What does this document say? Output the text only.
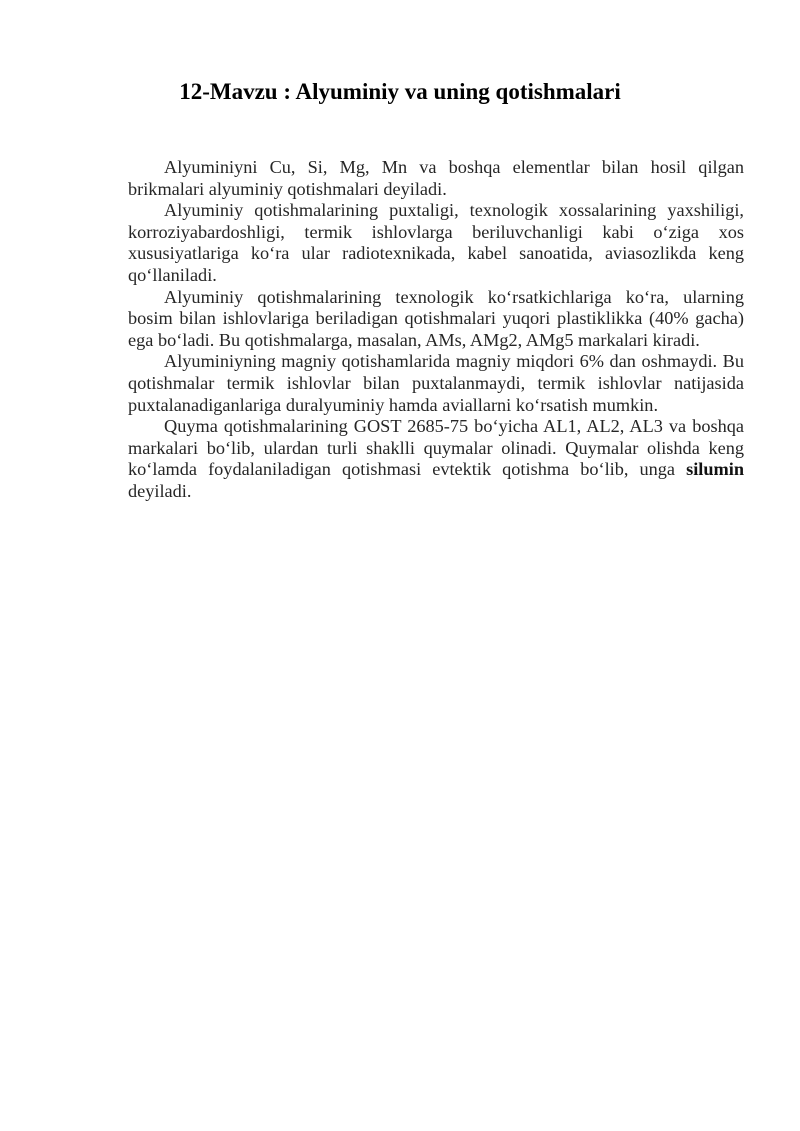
12-Mavzu : Alyuminiy va uning qotishmalari

Alyuminiyni Cu, Si, Mg, Mn va boshqa elementlar bilan hosil qilgan brikmalari alyuminiy qotishmalari deyiladi.

Alyuminiy qotishmalarining puxtaligi, texnologik xossalarining yaxshiligi, korroziyabardoshligi, termik ishlovlarga beriluvchanligi kabi o‘ziga xos xususiyatlariga ko‘ra ular radiotexnikada, kabel sanoatida, aviasozlikda keng qo‘llaniladi.

Alyuminiy qotishmalarining texnologik ko‘rsatkichlariga ko‘ra, ularning bosim bilan ishlovlariga beriladigan qotishmalari yuqori plastiklikka (40% gacha) ega bo‘ladi. Bu qotishmalarga, masalan, AMs, AMg2, AMg5 markalari kiradi.

Alyuminiyning magniy qotishamlarida magniy miqdori 6% dan oshmaydi. Bu qotishmalar termik ishlovlar bilan puxtalanmaydi, termik ishlovlar natijasida puxtalanadiganlariga duralyuminiy hamda aviallarni ko‘rsatish mumkin.

Quyma qotishmalarining GOST 2685-75 bo‘yicha AL1, AL2, AL3 va boshqa markalari bo‘lib, ulardan turli shaklli quymalar olinadi. Quymalar olishda keng ko‘lamda foydalaniladigan qotishmasi evtektik qotishma bo‘lib, unga silumin deyiladi.
